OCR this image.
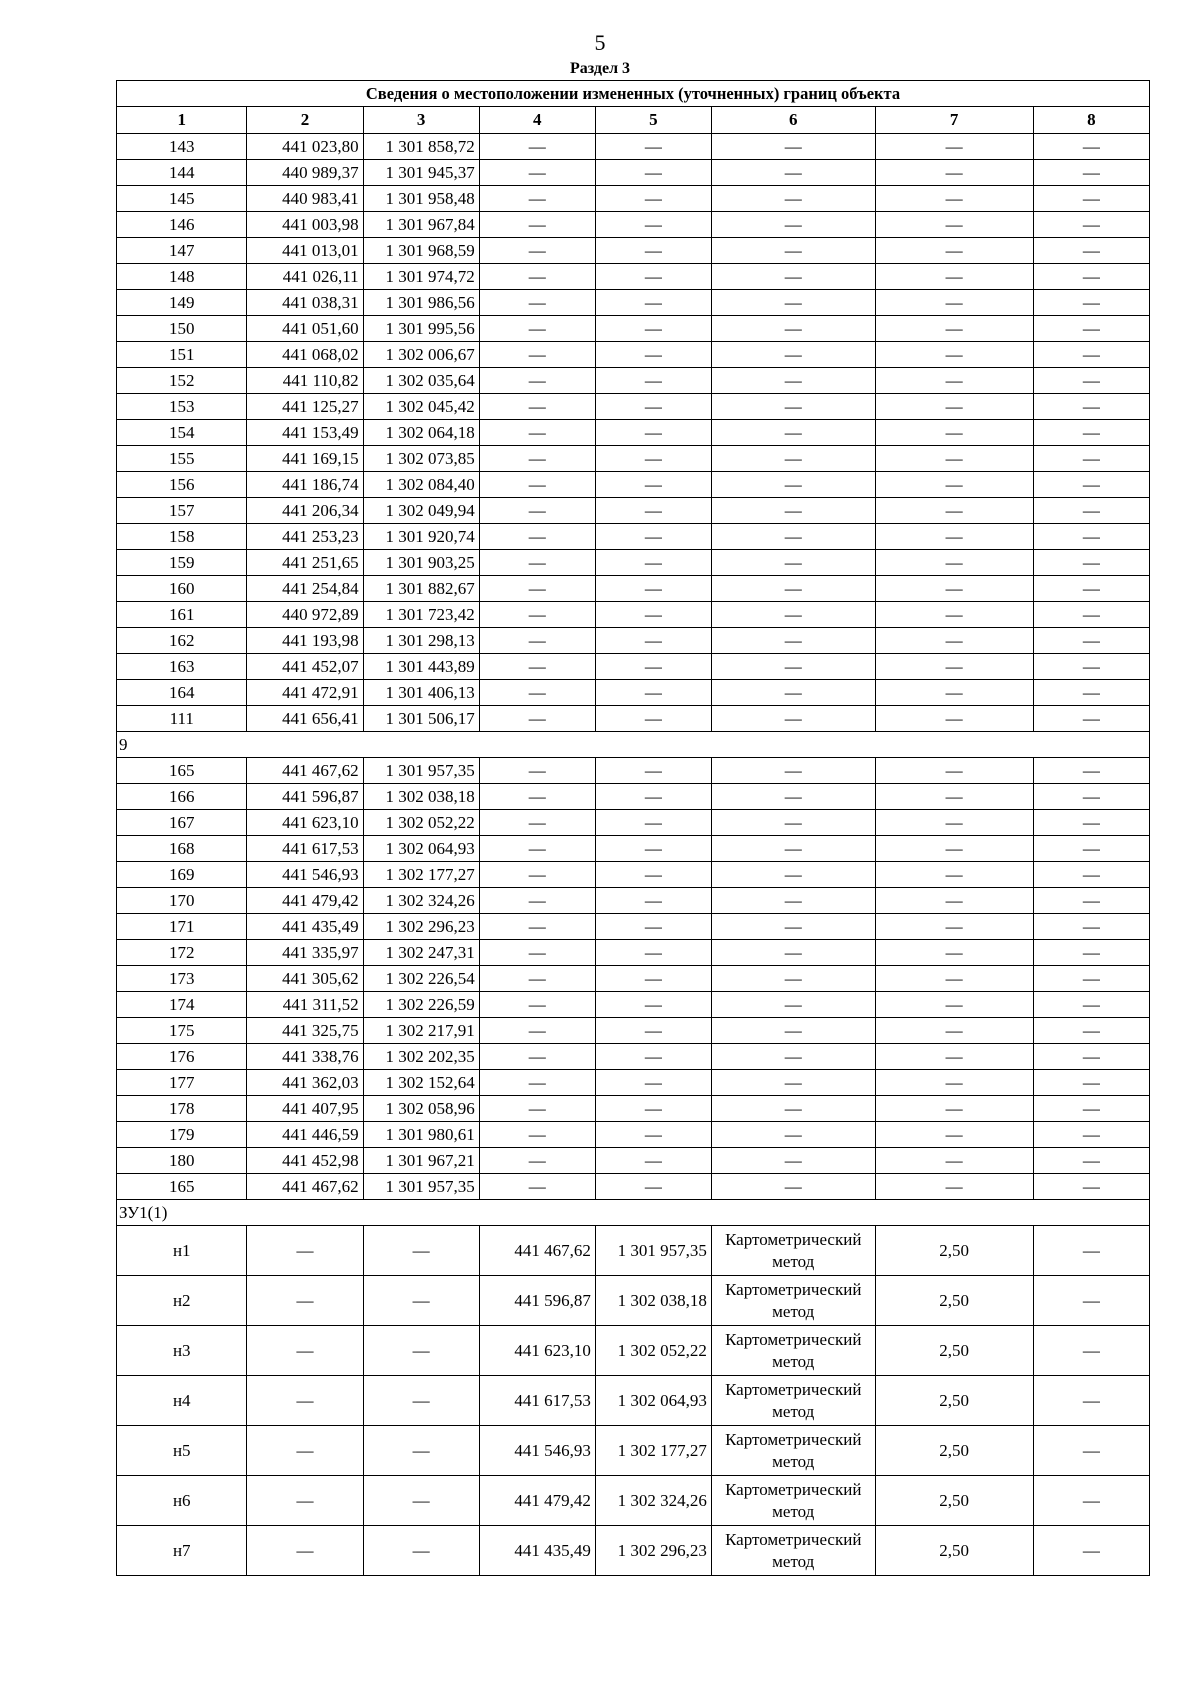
5
Раздел 3
Сведения о местоположении измененных (уточненных) границ объекта							
1	2	3	4	5	6	7	8
143	441 023,80	1 301 858,72	—	—	—	—	—
144	440 989,37	1 301 945,37	—	—	—	—	—
145	440 983,41	1 301 958,48	—	—	—	—	—
146	441 003,98	1 301 967,84	—	—	—	—	—
147	441 013,01	1 301 968,59	—	—	—	—	—
148	441 026,11	1 301 974,72	—	—	—	—	—
149	441 038,31	1 301 986,56	—	—	—	—	—
150	441 051,60	1 301 995,56	—	—	—	—	—
151	441 068,02	1 302 006,67	—	—	—	—	—
152	441 110,82	1 302 035,64	—	—	—	—	—
153	441 125,27	1 302 045,42	—	—	—	—	—
154	441 153,49	1 302 064,18	—	—	—	—	—
155	441 169,15	1 302 073,85	—	—	—	—	—
156	441 186,74	1 302 084,40	—	—	—	—	—
157	441 206,34	1 302 049,94	—	—	—	—	—
158	441 253,23	1 301 920,74	—	—	—	—	—
159	441 251,65	1 301 903,25	—	—	—	—	—
160	441 254,84	1 301 882,67	—	—	—	—	—
161	440 972,89	1 301 723,42	—	—	—	—	—
162	441 193,98	1 301 298,13	—	—	—	—	—
163	441 452,07	1 301 443,89	—	—	—	—	—
164	441 472,91	1 301 406,13	—	—	—	—	—
111	441 656,41	1 301 506,17	—	—	—	—	—
9							
165	441 467,62	1 301 957,35	—	—	—	—	—
166	441 596,87	1 302 038,18	—	—	—	—	—
167	441 623,10	1 302 052,22	—	—	—	—	—
168	441 617,53	1 302 064,93	—	—	—	—	—
169	441 546,93	1 302 177,27	—	—	—	—	—
170	441 479,42	1 302 324,26	—	—	—	—	—
171	441 435,49	1 302 296,23	—	—	—	—	—
172	441 335,97	1 302 247,31	—	—	—	—	—
173	441 305,62	1 302 226,54	—	—	—	—	—
174	441 311,52	1 302 226,59	—	—	—	—	—
175	441 325,75	1 302 217,91	—	—	—	—	—
176	441 338,76	1 302 202,35	—	—	—	—	—
177	441 362,03	1 302 152,64	—	—	—	—	—
178	441 407,95	1 302 058,96	—	—	—	—	—
179	441 446,59	1 301 980,61	—	—	—	—	—
180	441 452,98	1 301 967,21	—	—	—	—	—
165	441 467,62	1 301 957,35	—	—	—	—	—
ЗУ1(1)							
н1	—	—	441 467,62	1 301 957,35	Картометрический метод	2,50	—
н2	—	—	441 596,87	1 302 038,18	Картометрический метод	2,50	—
н3	—	—	441 623,10	1 302 052,22	Картометрический метод	2,50	—
н4	—	—	441 617,53	1 302 064,93	Картометрический метод	2,50	—
н5	—	—	441 546,93	1 302 177,27	Картометрический метод	2,50	—
н6	—	—	441 479,42	1 302 324,26	Картометрический метод	2,50	—
н7	—	—	441 435,49	1 302 296,23	Картометрический метод	2,50	—
